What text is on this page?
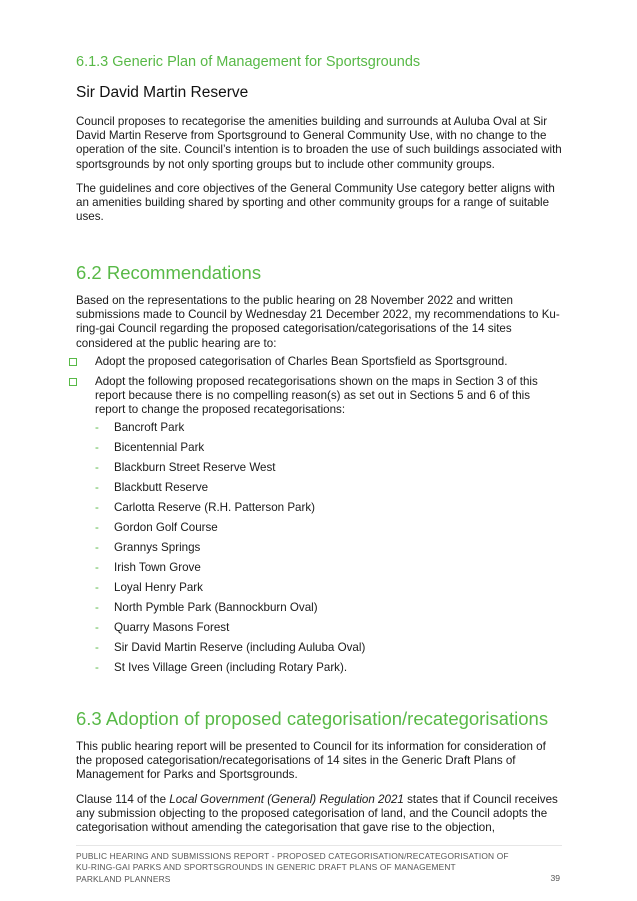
6.1.3 Generic Plan of Management for Sportsgrounds
Sir David Martin Reserve
Council proposes to recategorise the amenities building and surrounds at Auluba Oval at Sir David Martin Reserve from Sportsground to General Community Use, with no change to the operation of the site. Council’s intention is to broaden the use of such buildings associated with sportsgrounds by not only sporting groups but to include other community groups.
The guidelines and core objectives of the General Community Use category better aligns with an amenities building shared by sporting and other community groups for a range of suitable uses.
6.2 Recommendations
Based on the representations to the public hearing on 28 November 2022 and written submissions made to Council by Wednesday 21 December 2022, my recommendations to Ku-ring-gai Council regarding the proposed categorisation/categorisations of the 14 sites considered at the public hearing are to:
Adopt the proposed categorisation of Charles Bean Sportsfield as Sportsground.
Adopt the following proposed recategorisations shown on the maps in Section 3 of this report because there is no compelling reason(s) as set out in Sections 5 and 6 of this report to change the proposed recategorisations:
- Bancroft Park
- Bicentennial Park
- Blackburn Street Reserve West
- Blackbutt Reserve
- Carlotta Reserve (R.H. Patterson Park)
- Gordon Golf Course
- Grannys Springs
- Irish Town Grove
- Loyal Henry Park
- North Pymble Park (Bannockburn Oval)
- Quarry Masons Forest
- Sir David Martin Reserve (including Auluba Oval)
- St Ives Village Green (including Rotary Park).
6.3 Adoption of proposed categorisation/recategorisations
This public hearing report will be presented to Council for its information for consideration of the proposed categorisation/recategorisations of 14 sites in the Generic Draft Plans of Management for Parks and Sportsgrounds.
Clause 114 of the Local Government (General) Regulation 2021 states that if Council receives any submission objecting to the proposed categorisation of land, and the Council adopts the categorisation without amending the categorisation that gave rise to the objection,
PUBLIC HEARING AND SUBMISSIONS REPORT - PROPOSED CATEGORISATION/RECATEGORISATION OF
KU-RING-GAI PARKS AND SPORTSGROUNDS IN GENERIC DRAFT PLANS OF MANAGEMENT
PARKLAND PLANNERS	39
